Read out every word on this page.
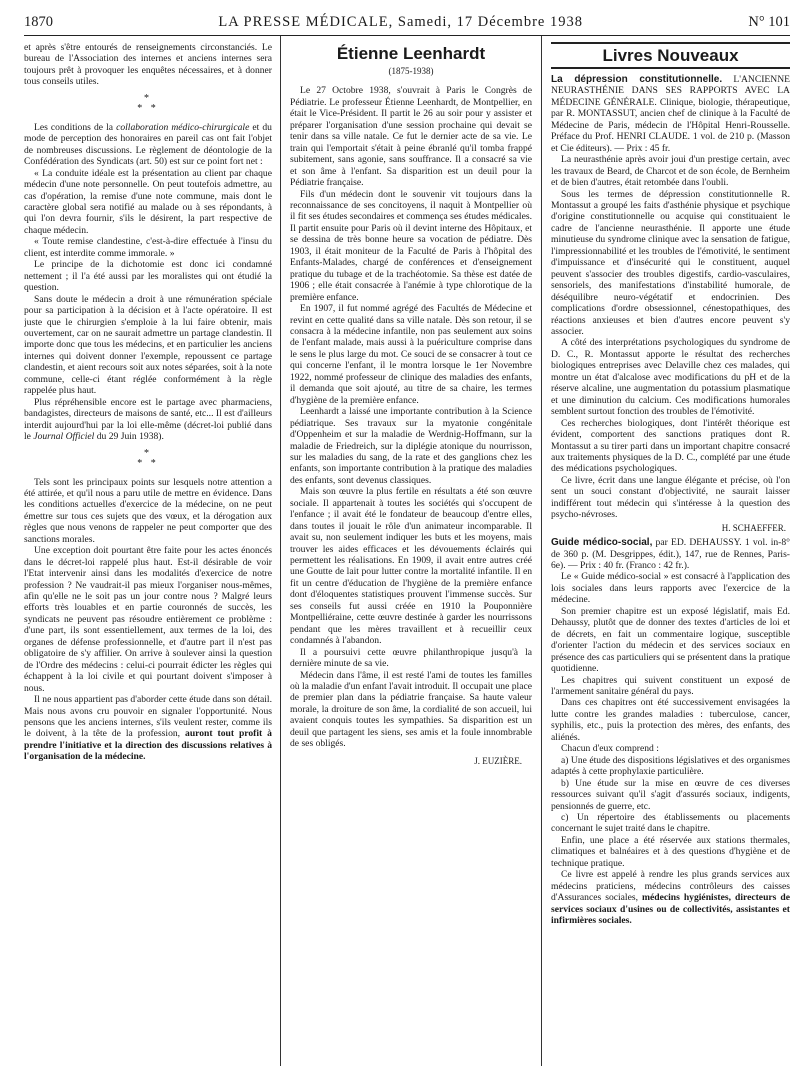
1870	LA PRESSE MÉDICALE, Samedi, 17 Décembre 1938	N° 101

et après s'être entourés de renseignements circonstanciés. Le bureau de l'Association des internes et anciens internes sera toujours prêt à provoquer les enquêtes nécessaires, et à donner tous conseils utiles.

*
* *

Les conditions de la collaboration médico-chirurgicale et du mode de perception des honoraires en pareil cas ont fait l'objet de nombreuses discussions. Le règlement de déontologie de la Confédération des Syndicats (art. 50) est sur ce point fort net :

« La conduite idéale est la présentation au client par chaque médecin d'une note personnelle. On peut toutefois admettre, au cas d'opération, la remise d'une note commune, mais dont le caractère global sera notifié au malade ou à ses répondants, à qui l'on devra fournir, s'ils le désirent, la part respective de chaque médecin.

« Toute remise clandestine, c'est-à-dire effectuée à l'insu du client, est interdite comme immorale. »

Le principe de la dichotomie est donc ici condamné nettement ; il l'a été aussi par les moralistes qui ont étudié la question.

Sans doute le médecin a droit à une rémunération spéciale pour sa participation à la décision et à l'acte opératoire. Il est juste que le chirurgien s'emploie à la lui faire obtenir, mais ouvertement, car on ne saurait admettre un partage clandestin. Il importe donc que tous les médecins, et en particulier les anciens internes qui doivent donner l'exemple, repoussent ce partage clandestin, et aient recours soit aux notes séparées, soit à la note commune, celle-ci étant réglée conformément à la règle rappelée plus haut.

Plus répréhensible encore est le partage avec pharmaciens, bandagistes, directeurs de maisons de santé, etc... Il est d'ailleurs interdit aujourd'hui par la loi elle-même (décret-loi publié dans le Journal Officiel du 29 Juin 1938).

*
* *

Tels sont les principaux points sur lesquels notre attention a été attirée, et qu'il nous a paru utile de mettre en évidence. Dans les conditions actuelles d'exercice de la médecine, on ne peut émettre sur tous ces sujets que des vœux, et la dérogation aux règles que nous venons de rappeler ne peut comporter que des sanctions morales.

Une exception doit pourtant être faite pour les actes énoncés dans le décret-loi rappelé plus haut. Est-il désirable de voir l'Etat intervenir ainsi dans les modalités d'exercice de notre profession ? Ne vaudrait-il pas mieux l'organiser nous-mêmes, afin qu'elle ne le soit pas un jour contre nous ? Malgré leurs efforts très louables et en partie couronnés de succès, les syndicats ne peuvent pas résoudre entièrement ce problème : d'une part, ils sont essentiellement, aux termes de la loi, des organes de défense professionnelle, et d'autre part il n'est pas obligatoire de s'y affilier. On arrive à soulever ainsi la question de l'Ordre des médecins : celui-ci pourrait édicter les règles qui échappent à la loi civile et qui pourtant doivent s'imposer à nous.

Il ne nous appartient pas d'aborder cette étude dans son détail. Mais nous avons cru pouvoir en signaler l'opportunité. Nous pensons que les anciens internes, s'ils veulent rester, comme ils le doivent, à la tête de la profession, auront tout profit à prendre l'initiative et la direction des discussions relatives à l'organisation de la médecine.

Étienne Leenhardt
(1875-1938)

Le 27 Octobre 1938, s'ouvrait à Paris le Congrès de Pédiatrie. Le professeur Étienne Leenhardt, de Montpellier, en était le Vice-Président. Il partit le 26 au soir pour y assister et préparer l'organisation d'une session prochaine qui devait se tenir dans sa ville natale. Ce fut le dernier acte de sa vie. Le train qui l'emportait s'était à peine ébranlé qu'il tomba frappé subitement, sans agonie, sans souffrance. Il a consacré sa vie et son âme à l'enfant. Sa disparition est un deuil pour la Pédiatrie française.

Fils d'un médecin dont le souvenir vit toujours dans la reconnaissance de ses concitoyens, il naquit à Montpellier où il fit ses études secondaires et commença ses études médicales. Il partit ensuite pour Paris où il devint interne des Hôpitaux, et se dessina de très bonne heure sa vocation de pédiatre. Dès 1903, il était moniteur de la Faculté de Paris à l'hôpital des Enfants-Malades, chargé de conférences et d'enseignement pratique du tubage et de la trachéotomie. Sa thèse est datée de 1906 ; elle était consacrée à l'anémie à type chlorotique de la première enfance.

En 1907, il fut nommé agrégé des Facultés de Médecine et revint en cette qualité dans sa ville natale. Dès son retour, il se consacra à la médecine infantile, non pas seulement aux soins de l'enfant malade, mais aussi à la puériculture comprise dans le sens le plus large du mot. Ce souci de se consacrer à tout ce qui concerne l'enfant, il le montra lorsque le 1er Novembre 1922, nommé professeur de clinique des maladies des enfants, il demanda que soit ajouté, au titre de sa chaire, les termes d'hygiène de la première enfance.

Leenhardt a laissé une importante contribution à la Science pédiatrique. Ses travaux sur la myatonie congénitale d'Oppenheim et sur la maladie de Werdnig-Hoffmann, sur la maladie de Friedreich, sur la diplégie atonique du nourrisson, sur les maladies du sang, de la rate et des ganglions chez les enfants, son importante contribution à la pratique des maladies des enfants, sont devenus classiques.

Mais son œuvre la plus fertile en résultats a été son œuvre sociale. Il appartenait à toutes les sociétés qui s'occupent de l'enfance ; il avait été le fondateur de beaucoup d'entre elles, dans toutes il jouait le rôle d'un animateur incomparable. Il avait su, non seulement indiquer les buts et les moyens, mais trouver les aides efficaces et les dévouements éclairés qui permettent les réalisations. En 1909, il avait entre autres créé une Goutte de lait pour lutter contre la mortalité infantile. Il en fit un centre d'éducation de l'hygiène de la première enfance dont d'éloquentes statistiques prouvent l'immense succès. Sur ses conseils fut aussi créée en 1910 la Pouponnière Montpelliéraine, cette œuvre destinée à garder les nourrissons pendant que les mères travaillent et à recueillir ceux condamnés à l'abandon.

Il a poursuivi cette œuvre philanthropique jusqu'à la dernière minute de sa vie.

Médecin dans l'âme, il est resté l'ami de toutes les familles où la maladie d'un enfant l'avait introduit. Il occupait une place de premier plan dans la pédiatrie française. Sa haute valeur morale, la droiture de son âme, la cordialité de son accueil, lui avaient conquis toutes les sympathies. Sa disparition est un deuil que partagent les siens, ses amis et la foule innombrable de ses obligés.

J. EUZIÈRE.
Livres Nouveaux

La dépression constitutionnelle. L'ANCIENNE NEURASTHÉNIE DANS SES RAPPORTS AVEC LA MÉDECINE GÉNÉRALE. Clinique, biologie, thérapeutique, par R. MONTASSUT, ancien chef de clinique à la Faculté de Médecine de Paris, médecin de l'Hôpital Henri-Rousselle. Préface du Prof. HENRI CLAUDE. 1 vol. de 210 p. (Masson et Cie éditeurs). — Prix : 45 fr.

La neurasthénie après avoir joui d'un prestige certain, avec les travaux de Beard, de Charcot et de son école, de Bernheim et de bien d'autres, était retombée dans l'oubli.

Sous les termes de dépression constitutionnelle R. Montassut a groupé les faits d'asthénie physique et psychique d'origine constitutionnelle ou acquise qui constituaient le cadre de l'ancienne neurasthénie. Il apporte une étude minutieuse du syndrome clinique avec la sensation de fatigue, l'impressionnabilité et les troubles de l'émotivité, le sentiment d'impuissance et d'insécurité qui le constituent, auquel peuvent s'associer des troubles digestifs, cardio-vasculaires, sensoriels, des manifestations d'instabilité humorale, de déséquilibre neuro-végétatif et endocrinien. Des complications d'ordre obsessionnel, cénestopathiques, des réactions anxieuses et bien d'autres encore peuvent s'y associer.

A côté des interprétations psychologiques du syndrome de D. C., R. Montassut apporte le résultat des recherches biologiques entreprises avec Delaville chez ces malades, qui montre un état d'alcalose avec modifications du pH et de la réserve alcaline, une augmentation du potassium plasmatique et une diminution du calcium. Ces modifications humorales semblent surtout fonction des troubles de l'émotivité.

Ces recherches biologiques, dont l'intérêt théorique est évident, comportent des sanctions pratiques dont R. Montassut a su tirer parti dans un important chapitre consacré aux traitements physiques de la D. C., complété par une étude des médications psychologiques.

Ce livre, écrit dans une langue élégante et précise, où l'on sent un souci constant d'objectivité, ne saurait laisser indifférent tout médecin qui s'intéresse à la question des psycho-névroses.

H. SCHAEFFER.

Guide médico-social, par ED. DEHAUSSY. 1 vol. in-8° de 360 p. (M. Desgrippes, édit.), 147, rue de Rennes, Paris-6e). — Prix : 40 fr. (Franco : 42 fr.).

Le « Guide médico-social » est consacré à l'application des lois sociales dans leurs rapports avec l'exercice de la médecine.

Son premier chapitre est un exposé législatif, mais Ed. Dehaussy, plutôt que de donner des textes d'articles de loi et de décrets, en fait un commentaire logique, susceptible d'orienter l'action du médecin et des services sociaux en présence des cas particuliers qui se présentent dans la pratique quotidienne.

Les chapitres qui suivent constituent un exposé de l'armement sanitaire général du pays.

Dans ces chapitres ont été successivement envisagées la lutte contre les grandes maladies : tuberculose, cancer, syphilis, etc., puis la protection des mères, des enfants, des aliénés.

Chacun d'eux comprend :

a) Une étude des dispositions législatives et des organismes adaptés à cette prophylaxie particulière.

b) Une étude sur la mise en œuvre de ces diverses ressources suivant qu'il s'agit d'assurés sociaux, indigents, pensionnés de guerre, etc.

c) Un répertoire des établissements ou placements concernant le sujet traité dans le chapitre.

Enfin, une place a été réservée aux stations thermales, climatiques et balnéaires et à des questions d'hygiène et de technique pratique.

Ce livre est appelé à rendre les plus grands services aux médecins praticiens, médecins contrôleurs des caisses d'Assurances sociales, médecins hygiénistes, directeurs de services sociaux d'usines ou de collectivités, assistantes et infirmières sociales.
